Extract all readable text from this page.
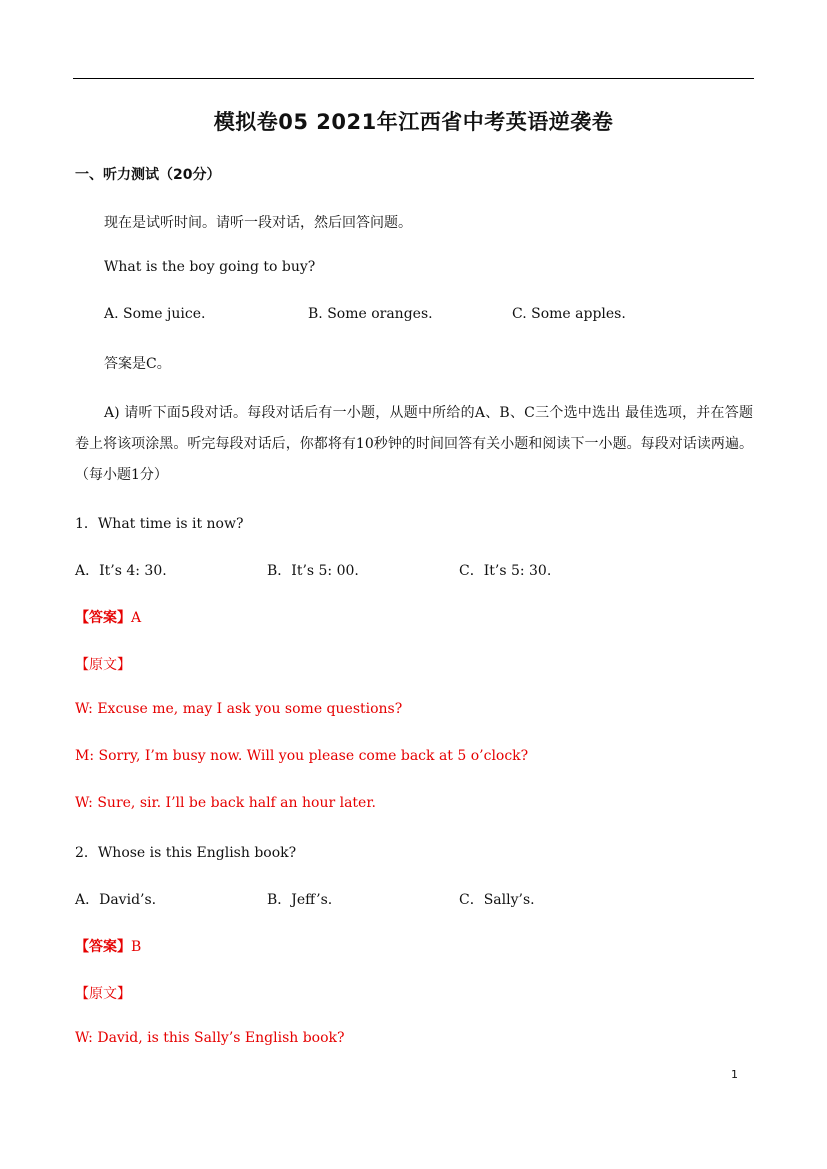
模拟卷05 2021年江西省中考英语逆袭卷
一、听力测试（20分）
现在是试听时间。请听一段对话，然后回答问题。
What is the boy going to buy?
A. Some juice.	B. Some oranges.	C. Some apples.
答案是C。
A) 请听下面5段对话。每段对话后有一小题，从题中所给的A、B、C三个选中选出 最佳选项，并在答题卷上将该项涂黑。听完每段对话后，你都将有10秒钟的时间回答有关小题和阅读下一小题。每段对话读两遍。（每小题1分）
1．What time is it now?
A．It’s 4: 30.	B．It’s 5: 00.	C．It’s 5: 30.
【答案】A
【原文】
W: Excuse me, may I ask you some questions?
M: Sorry, I’m busy now. Will you please come back at 5 o’clock?
W: Sure, sir. I’ll be back half an hour later.
2．Whose is this English book?
A．David’s.	B．Jeff’s.	C．Sally’s.
【答案】B
【原文】
W: David, is this Sally’s English book?
1
